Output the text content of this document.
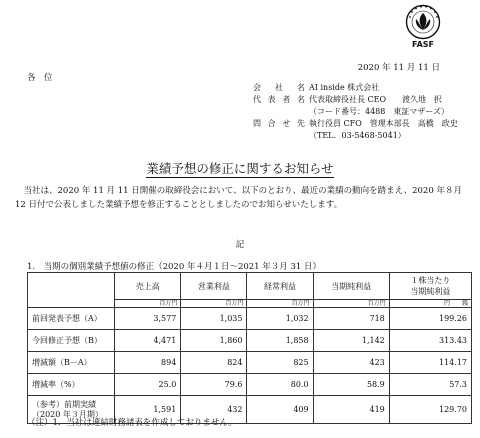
FASF
2020 年 11 月 11 日
各　位
会　社　名 AI inside 株式会社
代表者名 代表取締役社長 CEO　　渡久地　択
（コード番号：4488　東証マザーズ）
問合せ先 執行役員 CFO　管理本部長　高橋　政史
（TEL．03-5468-5041）
業績予想の修正に関するお知らせ
当社は、2020 年 11 月 11 日開催の取締役会において、以下のとおり、最近の業績の動向を踏まえ、2020 年８月 12 日付で公表しました業績予想を修正することとしましたのでお知らせいたします。
記
1.　当期の個別業績予想値の修正（2020 年４月１日～2021 年３月 31 日）
	売上高	営業利益	経常利益	当期純利益	１株当たり
当期純利益

	百万円	百万円	百万円	百万円	円　　銭
前回発表予想（A）	3,577	1,035	1,032	718	199.26
今回修正予想（B）	4,471	1,860	1,858	1,142	313.43
増減額（B－A）	894	824	825	423	114.17
増減率（%）	25.0	79.6	80.0	58.9	57.3

（参考）前期実績
（2020 年３月期）	1,591	432	409	419	129.70
（注）1．当社は連結財務諸表を作成しておりません。
